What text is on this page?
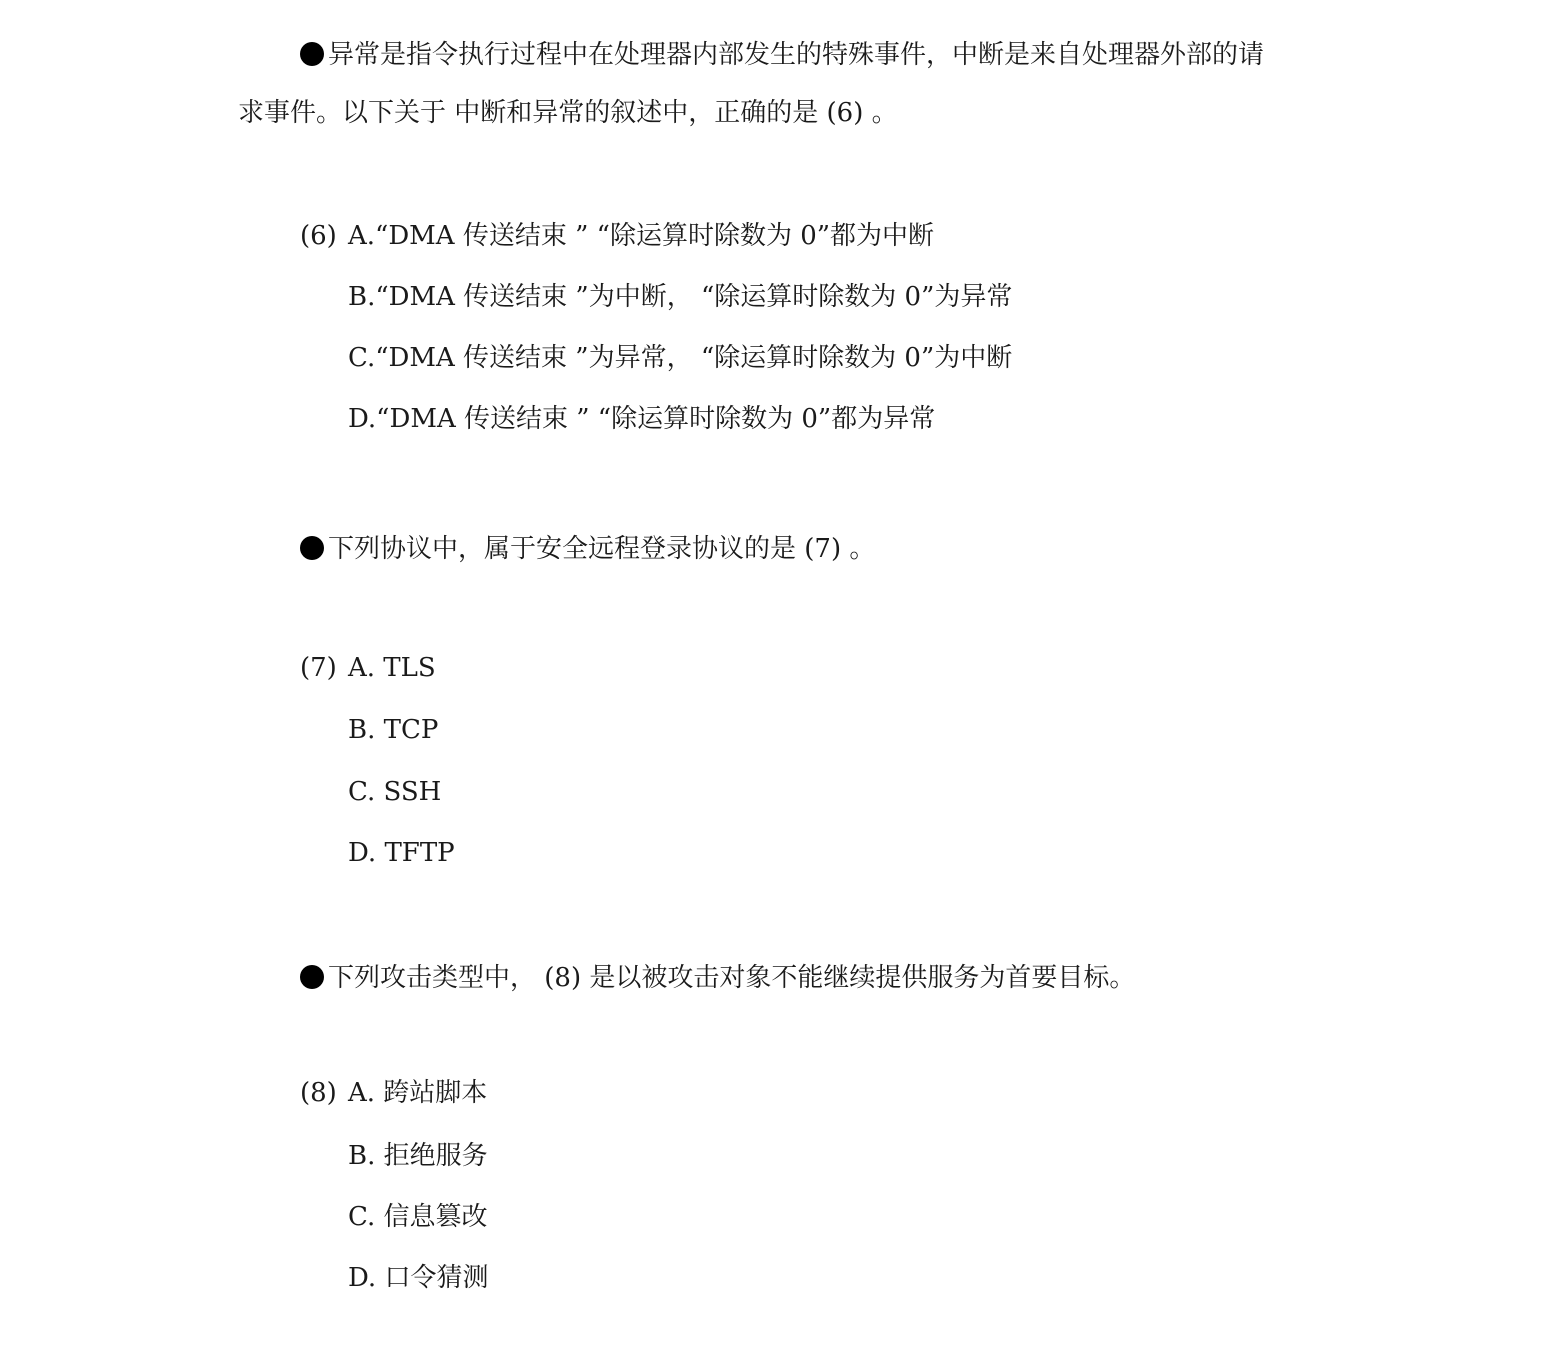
异常是指令执行过程中在处理器内部发生的特殊事件，中断是来自处理器外部的请
求事件。以下关于 中断和异常的叙述中，正确的是 (6) 。
(6) A.“DMA 传送结束 ” “除运算时除数为 0”都为中断
B.“DMA 传送结束 ”为中断， “除运算时除数为 0”为异常
C.“DMA 传送结束 ”为异常， “除运算时除数为 0”为中断
D.“DMA 传送结束 ” “除运算时除数为 0”都为异常
下列协议中，属于安全远程登录协议的是 (7) 。
(7) A. TLS
B. TCP
C. SSH
D. TFTP
下列攻击类型中， (8) 是以被攻击对象不能继续提供服务为首要目标。
(8) A. 跨站脚本
B. 拒绝服务
C. 信息篡改
D. 口令猜测
